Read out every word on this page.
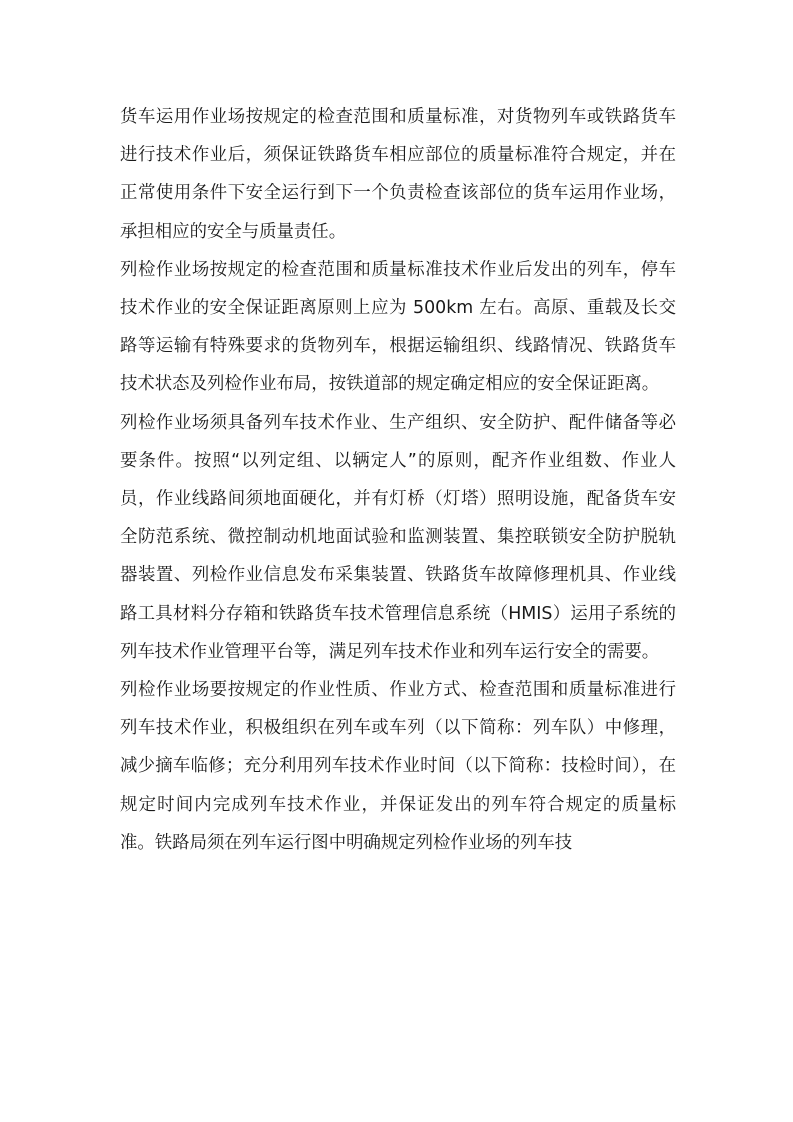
货车运用作业场按规定的检查范围和质量标准，对货物列车或铁路货车进行技术作业后，须保证铁路货车相应部位的质量标准符合规定，并在正常使用条件下安全运行到下一个负责检查该部位的货车运用作业场，承担相应的安全与质量责任。

列检作业场按规定的检查范围和质量标准技术作业后发出的列车，停车技术作业的安全保证距离原则上应为 500km 左右。高原、重载及长交路等运输有特殊要求的货物列车，根据运输组织、线路情况、铁路货车技术状态及列检作业布局，按铁道部的规定确定相应的安全保证距离。

列检作业场须具备列车技术作业、生产组织、安全防护、配件储备等必要条件。按照“以列定组、以辆定人”的原则，配齐作业组数、作业人员，作业线路间须地面硬化，并有灯桥（灯塔）照明设施，配备货车安全防范系统、微控制动机地面试验和监测装置、集控联锁安全防护脱轨器装置、列检作业信息发布采集装置、铁路货车故障修理机具、作业线路工具材料分存箱和铁路货车技术管理信息系统（HMIS）运用子系统的列车技术作业管理平台等，满足列车技术作业和列车运行安全的需要。

列检作业场要按规定的作业性质、作业方式、检查范围和质量标准进行列车技术作业，积极组织在列车或车列（以下简称：列车队）中修理，减少摘车临修；充分利用列车技术作业时间（以下简称：技检时间），在规定时间内完成列车技术作业，并保证发出的列车符合规定的质量标准。铁路局须在列车运行图中明确规定列检作业场的列车技
